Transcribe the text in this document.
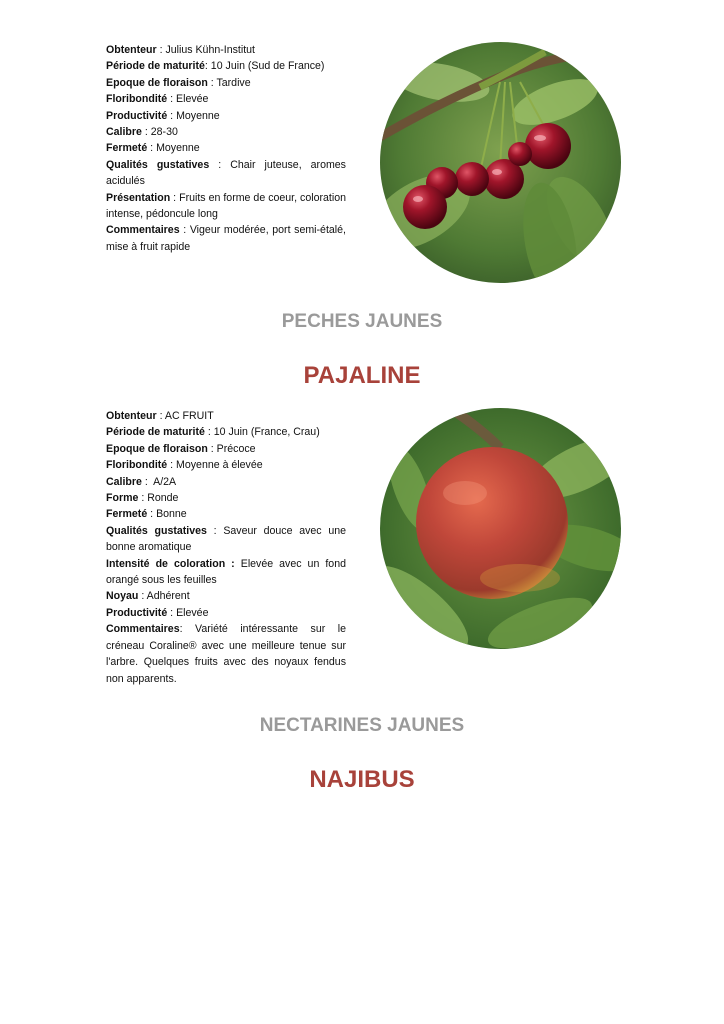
Obtenteur : Julius Kühn-Institut
Période de maturité: 10 Juin (Sud de France)
Epoque de floraison : Tardive
Floribondité : Elevée
Productivité : Moyenne
Calibre : 28-30
Fermeté : Moyenne
Qualités gustatives : Chair juteuse, aromes acidulés
Présentation : Fruits en forme de coeur, coloration intense, pédoncule long
Commentaires : Vigeur modérée, port semi-étalé, mise à fruit rapide
PECHES JAUNES
PAJALINE
Obtenteur : AC FRUIT
Période de maturité : 10 Juin (France, Crau)
Epoque de floraison : Précoce
Floribondité : Moyenne à élevée
Calibre :  A/2A
Forme : Ronde
Fermeté : Bonne
Qualités gustatives : Saveur douce avec une bonne aromatique
Intensité de coloration : Elevée avec un fond orangé sous les feuilles
Noyau : Adhérent
Productivité : Elevée
Commentaires: Variété intéressante sur le créneau Coraline® avec une meilleure tenue sur l'arbre. Quelques fruits avec des noyaux fendus non apparents.
NECTARINES JAUNES
NAJIBUS
